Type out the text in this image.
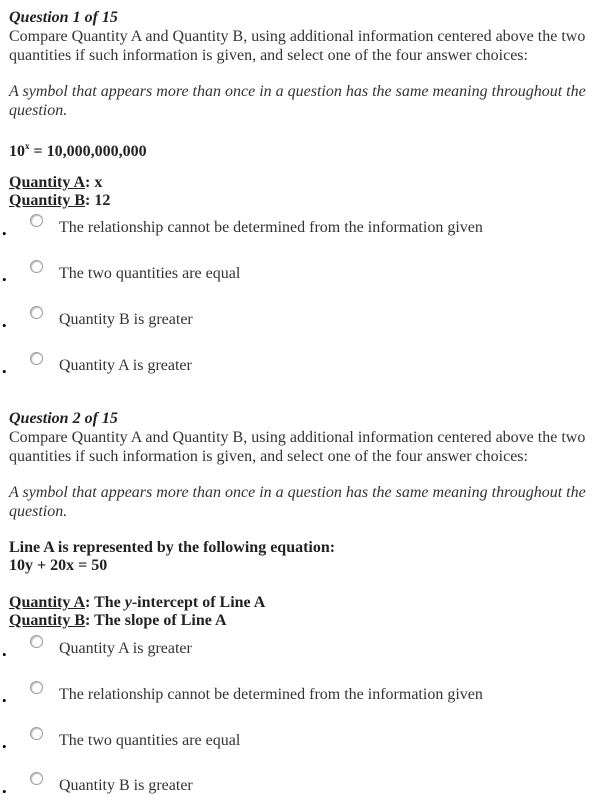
Question 1 of 15
Compare Quantity A and Quantity B, using additional information centered above the two quantities if such information is given, and select one of the four answer choices:
A symbol that appears more than once in a question has the same meaning throughout the question.
$10^x = 10,000,000,000$
Quantity A: x
Quantity B: 12
•	The relationship cannot be determined from the information given
•	The two quantities are equal
•	Quantity B is greater
•	Quantity A is greater
Question 2 of 15
Compare Quantity A and Quantity B, using additional information centered above the two quantities if such information is given, and select one of the four answer choices:
A symbol that appears more than once in a question has the same meaning throughout the question.
Line A is represented by the following equation:
10y + 20x = 50
Quantity A: The y-intercept of Line A
Quantity B: The slope of Line A
•	Quantity A is greater
•	The relationship cannot be determined from the information given
•	The two quantities are equal
•	Quantity B is greater
